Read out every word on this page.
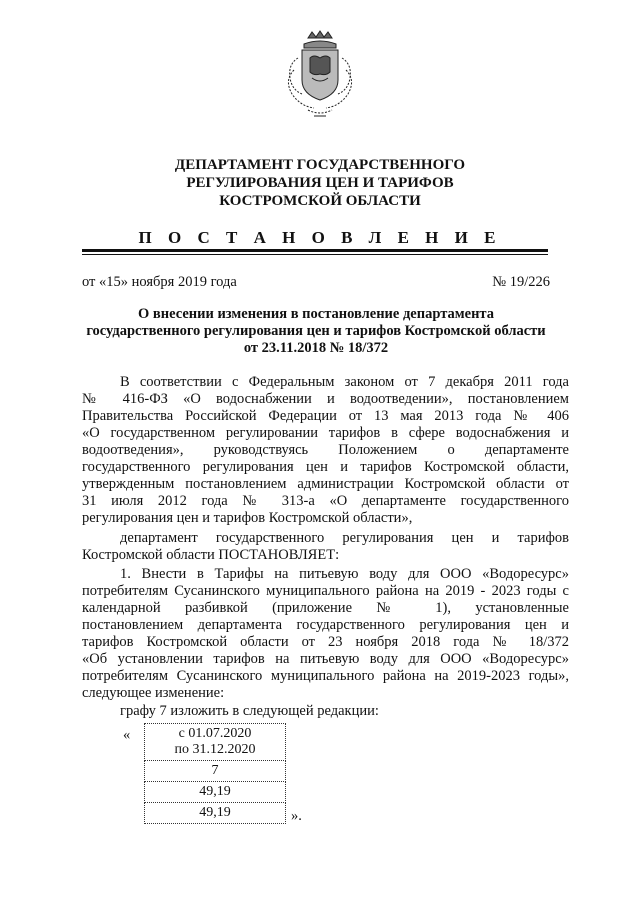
ДЕПАРТАМЕНТ ГОСУДАРСТВЕННОГО
РЕГУЛИРОВАНИЯ ЦЕН И ТАРИФОВ
КОСТРОМСКОЙ ОБЛАСТИ
П О С Т А Н О В Л Е Н И Е
от «15» ноября 2019 года	№ 19/226
О внесении изменения в постановление департамента
государственного регулирования цен и тарифов Костромской области
от 23.11.2018 № 18/372
В соответствии с Федеральным законом от 7 декабря 2011 года
№ 416-ФЗ «О водоснабжении и водоотведении», постановлением
Правительства Российской Федерации от 13 мая 2013 года № 406
«О государственном регулировании тарифов в сфере водоснабжения и
водоотведения», руководствуясь Положением о департаменте
государственного регулирования цен и тарифов Костромской области,
утвержденным постановлением администрации Костромской области от
31 июля 2012 года № 313-а «О департаменте государственного
регулирования цен и тарифов Костромской области»,
департамент государственного регулирования цен и тарифов
Костромской области ПОСТАНОВЛЯЕТ:
1. Внести в Тарифы на питьевую воду для ООО «Водоресурс»
потребителям Сусанинского муниципального района на 2019 - 2023 годы с
календарной разбивкой (приложение № 1), установленные
постановлением департамента государственного регулирования цен и
тарифов Костромской области от 23 ноября 2018 года № 18/372
«Об установлении тарифов на питьевую воду для ООО «Водоресурс»
потребителям Сусанинского муниципального района на 2019-2023 годы»,
следующее изменение:
графу 7 изложить в следующей редакции:
«	с 01.07.2020
по 31.12.2020

7
49,19
49,19	».
